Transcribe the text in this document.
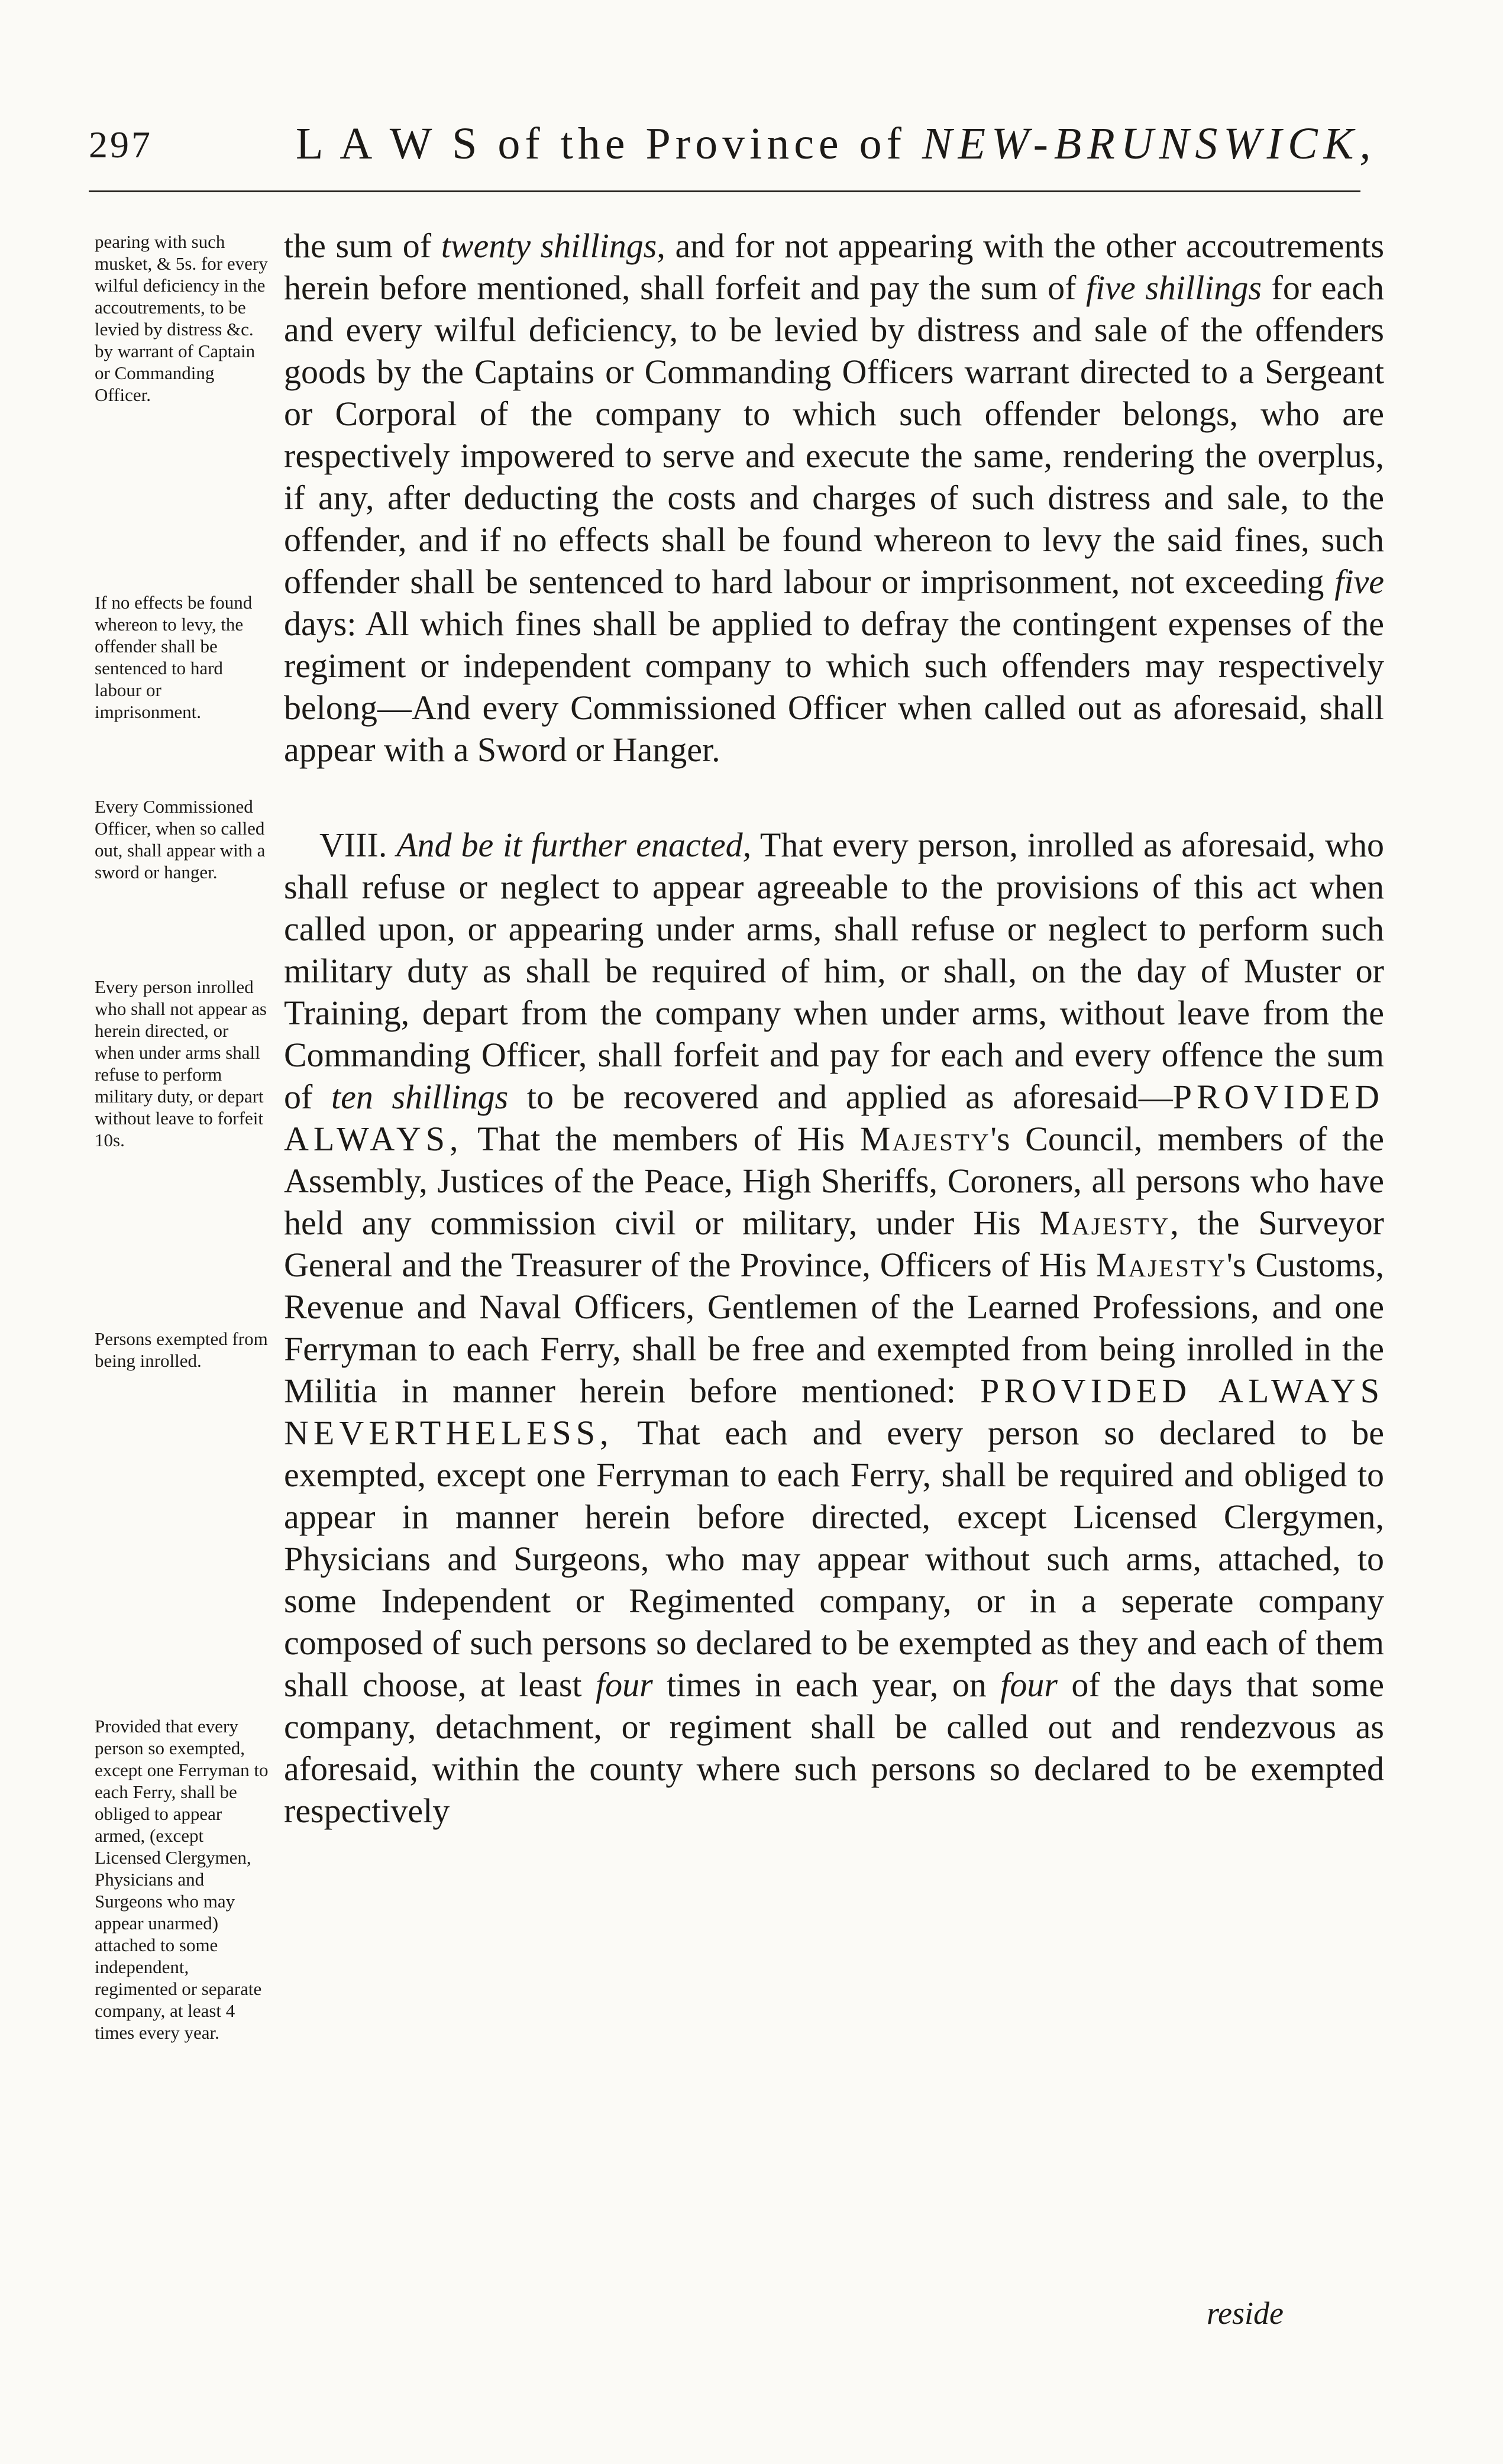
297	L A W S of the Province of NEW-BRUNSWICK,

pearing with such musket, & 5s. for every wilful deficiency in the accoutrements, to be levied by distress &c. by warrant of Captain or Commanding Officer.

If no effects be found whereon to levy, the offender shall be sentenced to hard labour or imprisonment.

Every Commissioned Officer, when so called out, shall appear with a sword or hanger.

Every person inrolled who shall not appear as herein directed, or when under arms shall refuse to perform military duty, or depart without leave to forfeit 10s.

Persons exempted from being inrolled.

Provided that every person so exempted, except one Ferryman to each Ferry, shall be obliged to appear armed, (except Licensed Clergymen, Physicians and Surgeons who may appear unarmed) attached to some independent, regimented or separate company, at least 4 times every year.

the sum of twenty shillings, and for not appearing with the other accoutrements herein before mentioned, shall forfeit and pay the sum of five shillings for each and every wilful deficiency, to be levied by distress and sale of the offenders goods by the Captains or Commanding Officers warrant directed to a Sergeant or Corporal of the company to which such offender belongs, who are respectively impowered to serve and execute the same, rendering the overplus, if any, after deducting the costs and charges of such distress and sale, to the offender, and if no effects shall be found whereon to levy the said fines, such offender shall be sentenced to hard labour or imprisonment, not exceeding five days: All which fines shall be applied to defray the contingent expenses of the regiment or independent company to which such offenders may respectively belong—And every Commissioned Officer when called out as aforesaid, shall appear with a Sword or Hanger.

VIII. And be it further enacted, That every person, inrolled as aforesaid, who shall refuse or neglect to appear agreeable to the provisions of this act when called upon, or appearing under arms, shall refuse or neglect to perform such military duty as shall be required of him, or shall, on the day of Muster or Training, depart from the company when under arms, without leave from the Commanding Officer, shall forfeit and pay for each and every offence the sum of ten shillings to be recovered and applied as aforesaid—PROVIDED ALWAYS, That the members of His Majesty's Council, members of the Assembly, Justices of the Peace, High Sheriffs, Coroners, all persons who have held any commission civil or military, under His Majesty, the Surveyor General and the Treasurer of the Province, Officers of His Majesty's Customs, Revenue and Naval Officers, Gentlemen of the Learned Professions, and one Ferryman to each Ferry, shall be free and exempted from being inrolled in the Militia in manner herein before mentioned: PROVIDED ALWAYS NEVERTHELESS, That each and every person so declared to be exempted, except one Ferryman to each Ferry, shall be required and obliged to appear in manner herein before directed, except Licensed Clergymen, Physicians and Surgeons, who may appear without such arms, attached, to some Independent or Regimented company, or in a seperate company composed of such persons so declared to be exempted as they and each of them shall choose, at least four times in each year, on four of the days that some company, detachment, or regiment shall be called out and rendezvous as aforesaid, within the county where such persons so declared to be exempted respectively

reside
